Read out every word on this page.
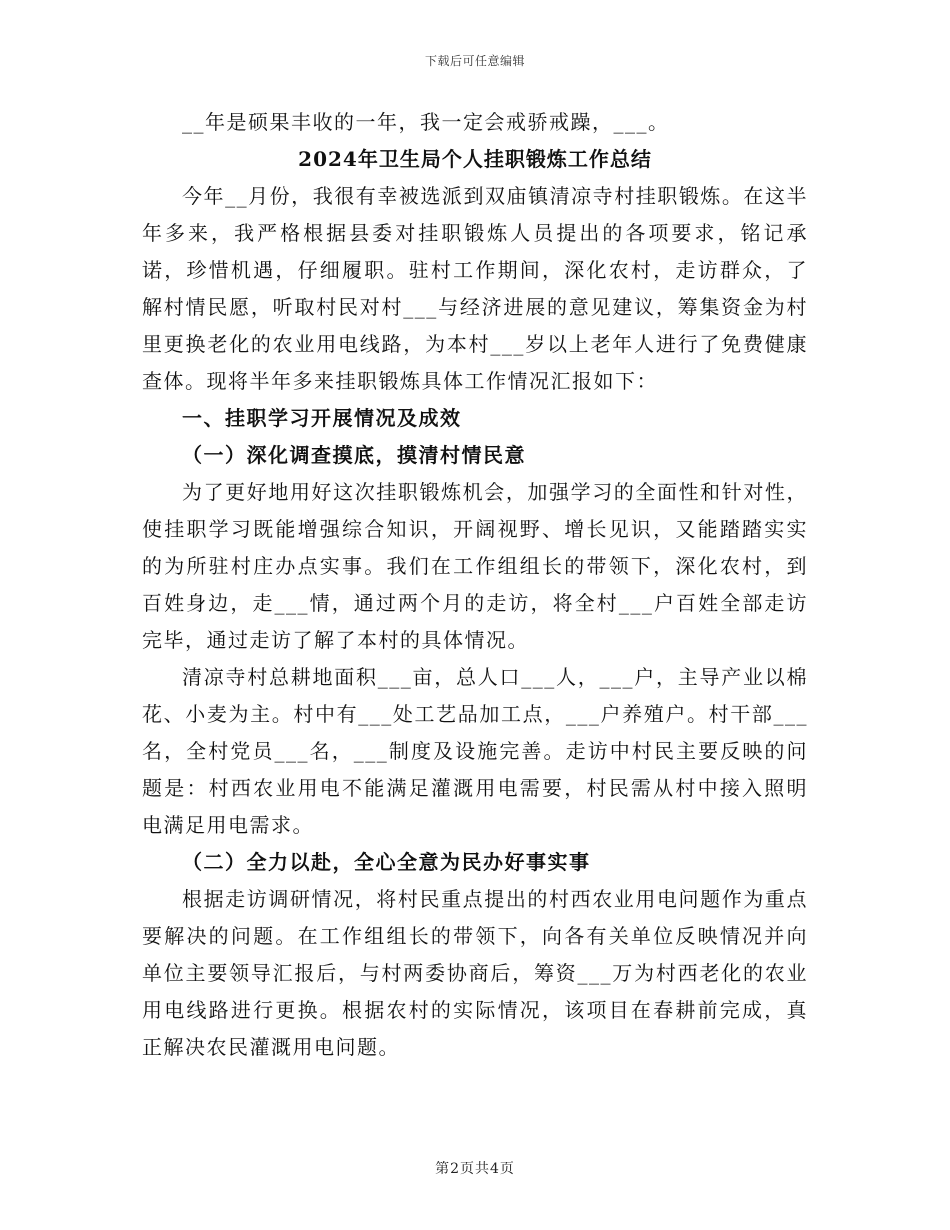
下载后可任意编辑

__年是硕果丰收的一年，我一定会戒骄戒躁，___。

2024年卫生局个人挂职锻炼工作总结

今年__月份，我很有幸被选派到双庙镇清凉寺村挂职锻炼。在这半年多来，我严格根据县委对挂职锻炼人员提出的各项要求，铭记承诺，珍惜机遇，仔细履职。驻村工作期间，深化农村，走访群众，了解村情民愿，听取村民对村___与经济进展的意见建议，筹集资金为村里更换老化的农业用电线路，为本村___岁以上老年人进行了免费健康查体。现将半年多来挂职锻炼具体工作情况汇报如下：

一、挂职学习开展情况及成效

（一）深化调查摸底，摸清村情民意

为了更好地用好这次挂职锻炼机会，加强学习的全面性和针对性，使挂职学习既能增强综合知识，开阔视野、增长见识，又能踏踏实实的为所驻村庄办点实事。我们在工作组组长的带领下，深化农村，到百姓身边，走___情，通过两个月的走访，将全村___户百姓全部走访完毕，通过走访了解了本村的具体情况。

清凉寺村总耕地面积___亩，总人口___人，___户，主导产业以棉花、小麦为主。村中有___处工艺品加工点，___户养殖户。村干部___名，全村党员___名，___制度及设施完善。走访中村民主要反映的问题是：村西农业用电不能满足灌溉用电需要，村民需从村中接入照明电满足用电需求。

（二）全力以赴，全心全意为民办好事实事

根据走访调研情况，将村民重点提出的村西农业用电问题作为重点要解决的问题。在工作组组长的带领下，向各有关单位反映情况并向单位主要领导汇报后，与村两委协商后，筹资___万为村西老化的农业用电线路进行更换。根据农村的实际情况，该项目在春耕前完成，真正解决农民灌溉用电问题。

第2页共4页
